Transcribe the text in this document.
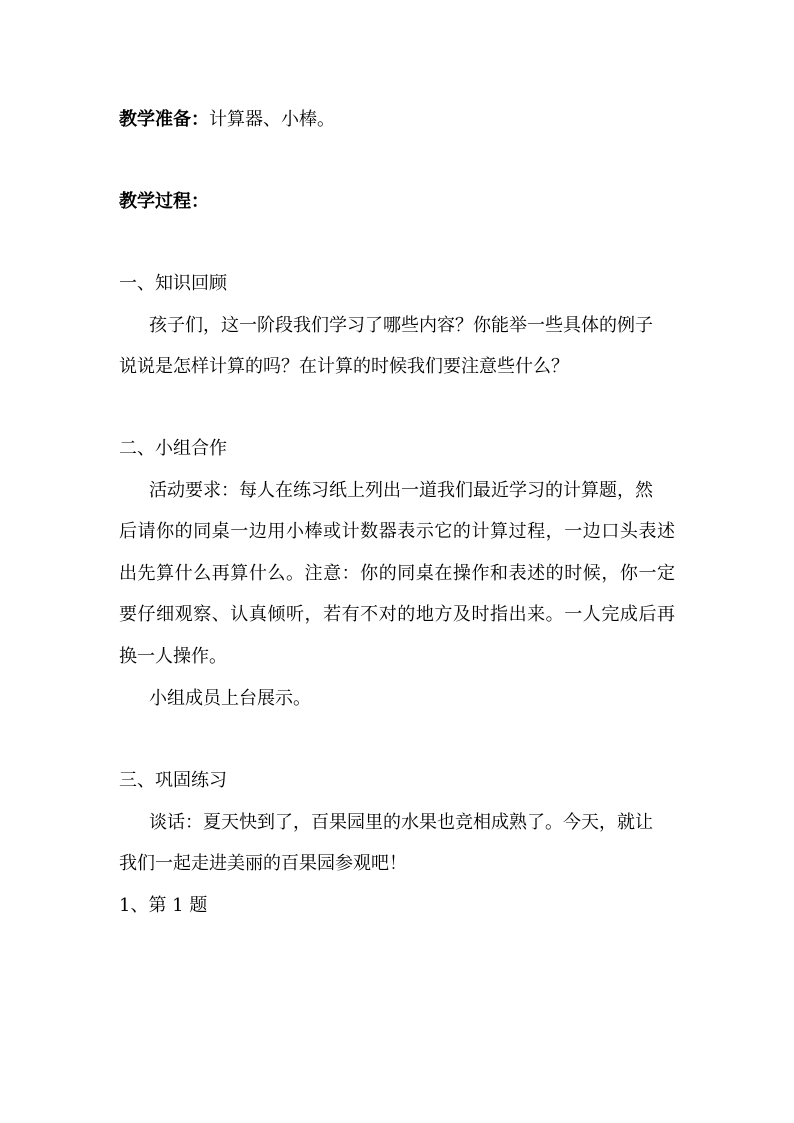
教学准备：计算器、小棒。
教学过程：
一、知识回顾
孩子们，这一阶段我们学习了哪些内容？你能举一些具体的例子
说说是怎样计算的吗？在计算的时候我们要注意些什么？
二、小组合作
活动要求：每人在练习纸上列出一道我们最近学习的计算题，然
后请你的同桌一边用小棒或计数器表示它的计算过程，一边口头表述
出先算什么再算什么。注意：你的同桌在操作和表述的时候，你一定
要仔细观察、认真倾听，若有不对的地方及时指出来。一人完成后再
换一人操作。
小组成员上台展示。
三、巩固练习
谈话：夏天快到了，百果园里的水果也竞相成熟了。今天，就让
我们一起走进美丽的百果园参观吧！
1、第 1 题
